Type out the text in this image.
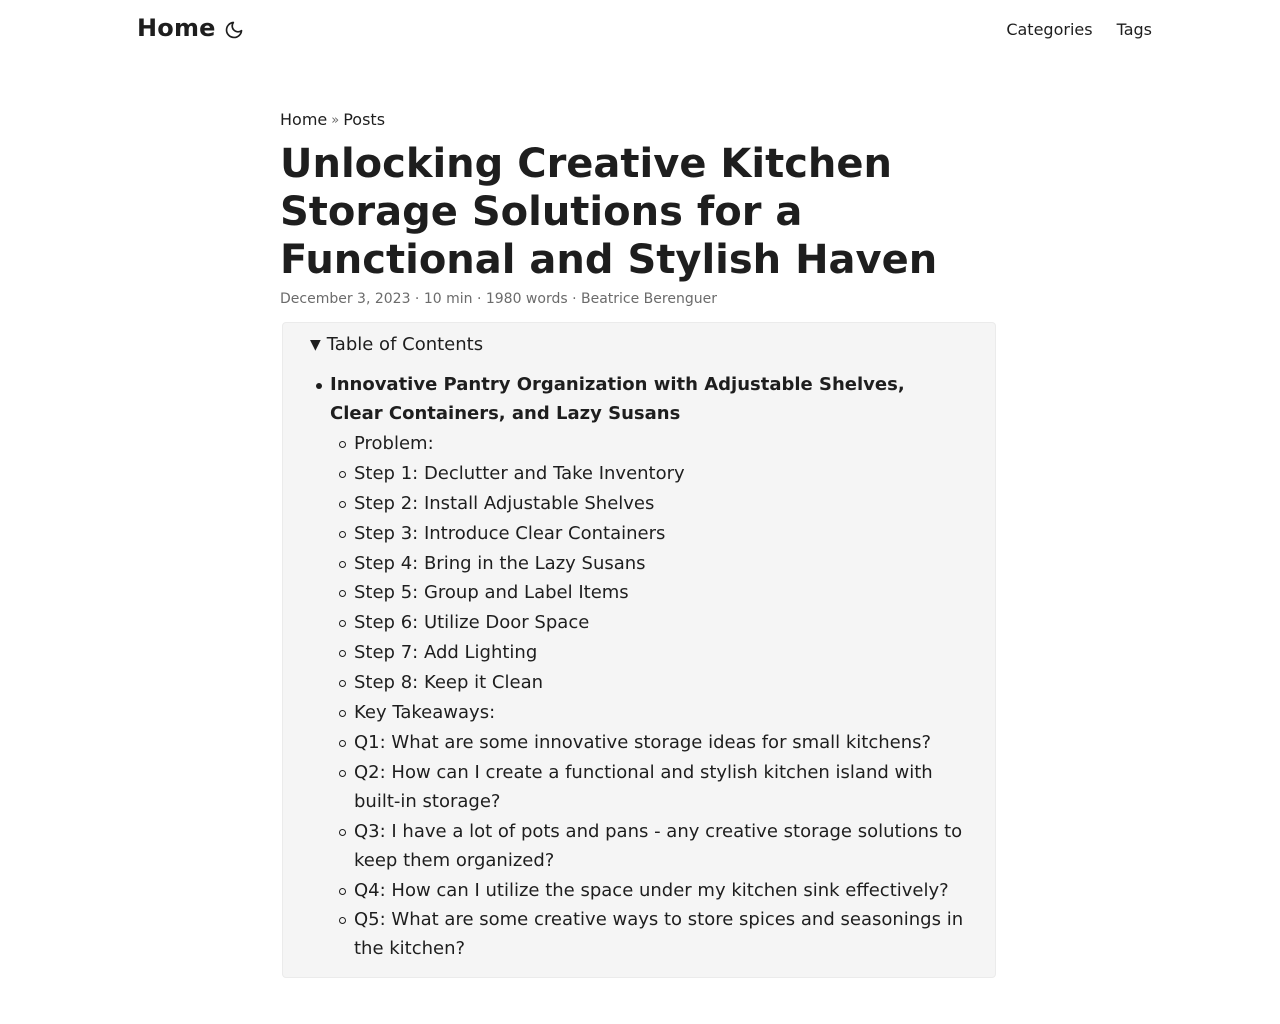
Home	Categories Tags
Home » Posts
Unlocking Creative Kitchen Storage Solutions for a Functional and Stylish Haven
December 3, 2023 · 10 min · 1980 words · Beatrice Berenguer
▼ Table of Contents
Innovative Pantry Organization with Adjustable Shelves, Clear Containers, and Lazy Susans
Problem:
Step 1: Declutter and Take Inventory
Step 2: Install Adjustable Shelves
Step 3: Introduce Clear Containers
Step 4: Bring in the Lazy Susans
Step 5: Group and Label Items
Step 6: Utilize Door Space
Step 7: Add Lighting
Step 8: Keep it Clean
Key Takeaways:
Q1: What are some innovative storage ideas for small kitchens?
Q2: How can I create a functional and stylish kitchen island with built-in storage?
Q3: I have a lot of pots and pans - any creative storage solutions to keep them organized?
Q4: How can I utilize the space under my kitchen sink effectively?
Q5: What are some creative ways to store spices and seasonings in the kitchen?
